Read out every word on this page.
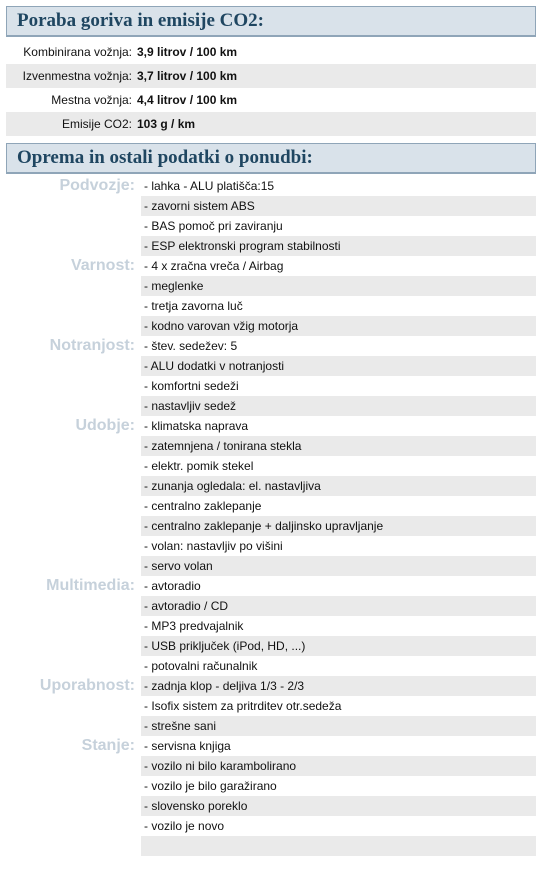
Poraba goriva in emisije CO2:
Kombinirana vožnja: 3,9 litrov / 100 km
Izvenmestna vožnja: 3,7 litrov / 100 km
Mestna vožnja: 4,4 litrov / 100 km
Emisije CO2: 103 g / km
Oprema in ostali podatki o ponudbi:
Podvozje: - lahka - ALU platišča:15
- zavorni sistem ABS
- BAS pomoč pri zaviranju
- ESP elektronski program stabilnosti
Varnost: - 4 x zračna vreča / Airbag
- meglenke
- tretja zavorna luč
- kodno varovan vžig motorja
Notranjost: - štev. sedežev: 5
- ALU dodatki v notranjosti
- komfortni sedeži
- nastavljiv sedež
Udobje: - klimatska naprava
- zatemnjena / tonirana stekla
- elektr. pomik stekel
- zunanja ogledala: el. nastavljiva
- centralno zaklepanje
- centralno zaklepanje + daljinsko upravljanje
- volan: nastavljiv po višini
- servo volan
Multimedia: - avtoradio
- avtoradio / CD
- MP3 predvajalnik
- USB priključek (iPod, HD, ...)
- potovalni računalnik
Uporabnost: - zadnja klop - deljiva 1/3 - 2/3
- Isofix sistem za pritrditev otr.sedeža
- strešne sani
Stanje: - servisna knjiga
- vozilo ni bilo karambolirano
- vozilo je bilo garažirano
- slovensko poreklo
- vozilo je novo
